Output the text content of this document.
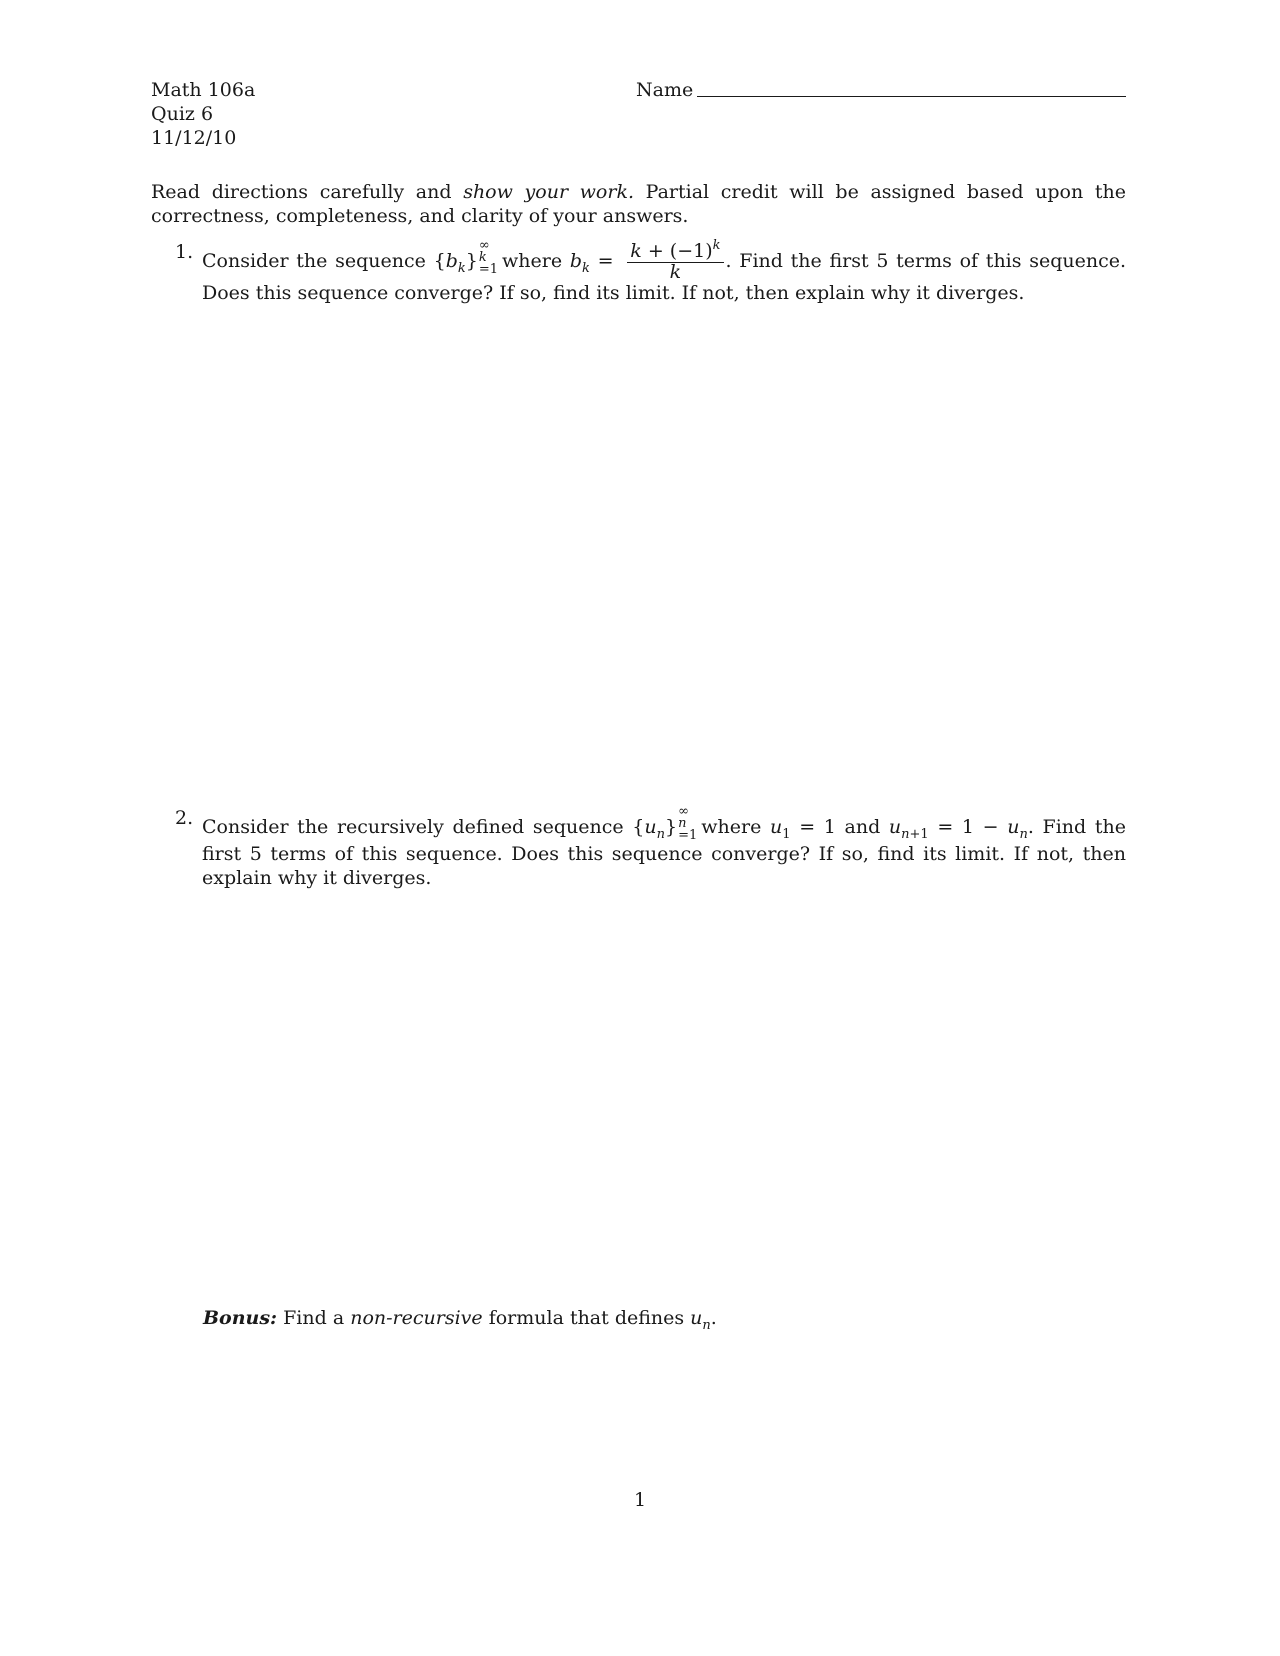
Math 106a
Quiz 6
11/12/10
Name
Read directions carefully and show your work. Partial credit will be assigned based upon the correctness, completeness, and clarity of your answers.
1. Consider the sequence $\{b_k\}$
∞
k
=1 where $b_k = \frac{k + (-1)^k}{k}$ . Find the first 5 terms of this sequence. Does this sequence converge? If so, find its limit. If not, then explain why it diverges.
2. Consider the recursively defined sequence $\{u_n\}$
∞
n
=1 where $u_1 = 1$ and $u_{n+1} = 1 - u_n$. Find the first 5 terms of this sequence. Does this sequence converge? If so, find its limit. If not, then explain why it diverges.
Bonus: Find a non-recursive formula that defines $u_n$.
1
